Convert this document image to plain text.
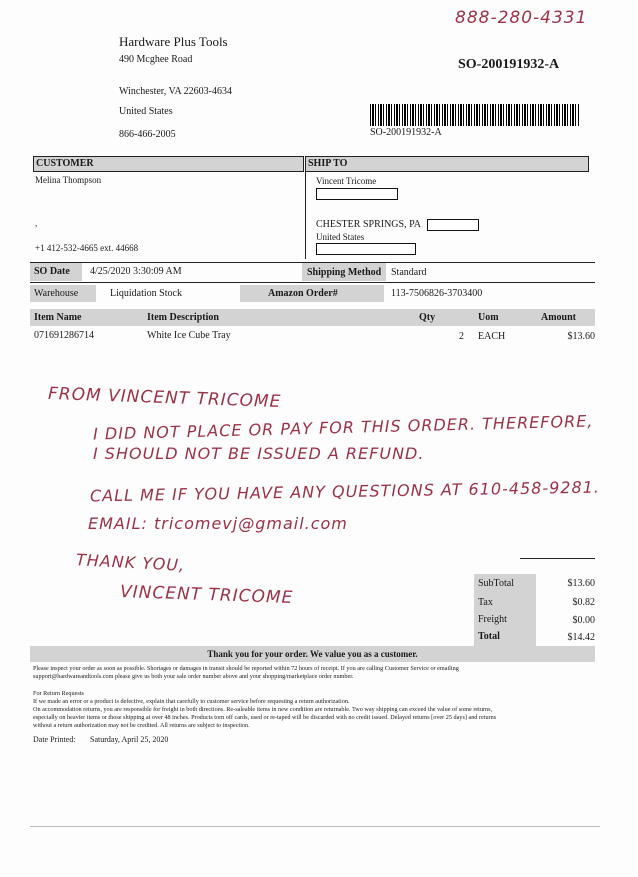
888-280-4331
Hardware Plus Tools
490 Mcghee Road
Winchester, VA 22603-4634
United States
866-466-2005
SO-200191932-A
SO-200191932-A
CUSTOMER	SHIP TO
Melina Thompson
,
+1 412-532-4665 ext. 44668
Vincent Tricome
CHESTER SPRINGS, PA
United States
SO Date 4/25/2020 3:30:09 AM	Shipping Method Standard
Warehouse	Liquidation Stock	Amazon Order#	113-7506826-3703400
Item Name	Item Description	Qty	Uom	Amount
071691286714	White Ice Cube Tray	2 EACH	$13.60
FROM VINCENT TRICOME
I DID NOT PLACE OR PAY FOR THIS ORDER. THEREFORE,
I SHOULD NOT BE ISSUED A REFUND.
CALL ME IF YOU HAVE ANY QUESTIONS AT 610-458-9281.
EMAIL: tricomevj@gmail.com
THANK YOU,
VINCENT TRICOME	SubTotal	$13.60
Tax	$0.82
Freight	$0.00
Total	$14.42
Thank you for your order. We value you as a customer.
Please inspect your order as soon as possible. Shortages or damages in transit should be reported within 72 hours of receipt. If you are calling Customer Service or emailing
support@hardwareandtools.com please give us both your sale order number above and your shopping/marketplace order number.
For Return Requests
If we made an error or a product is defective, explain that carefully to customer service before requesting a return authorization.
On accommodation returns, you are responsible for freight in both directions. Re-saleable items in new condition are returnable. Two way shipping can exceed the value of some returns,
especially on heavier items or those shipping at over 48 inches. Products torn off cards, used or re-taped will be discarded with no credit issued. Delayed returns [over 25 days] and returns
without a return authorization may not be credited. All returns are subject to inspection.
Date Printed: Saturday, April 25, 2020
